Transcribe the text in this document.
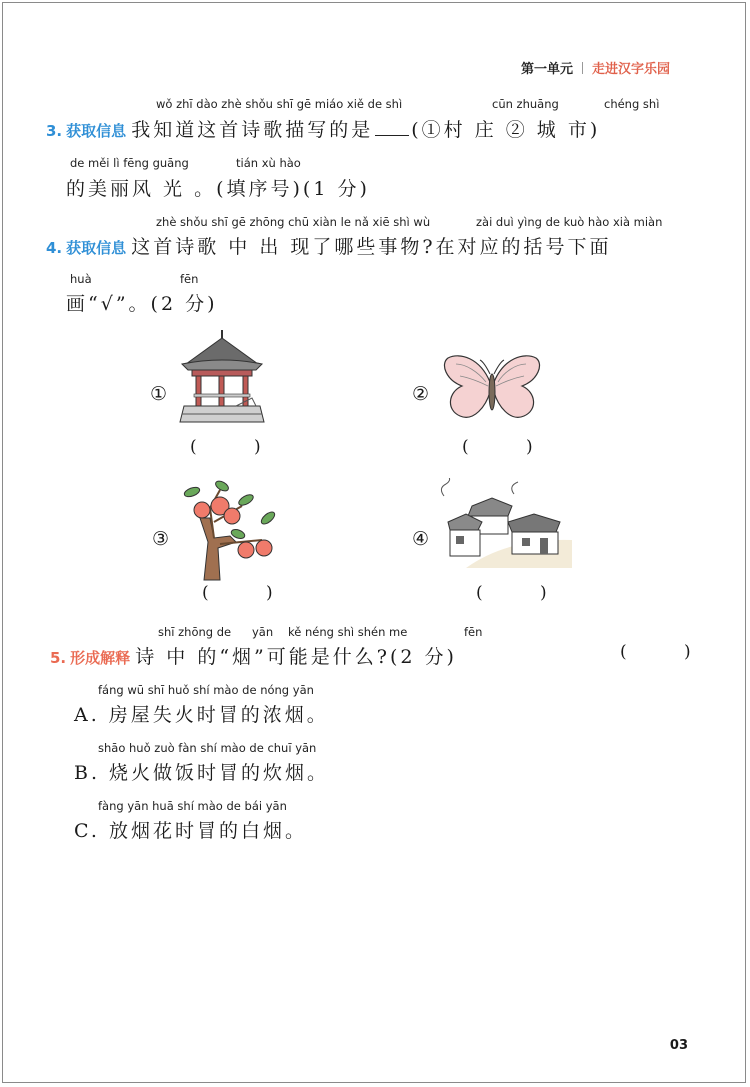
第一单元 走进汉字乐园
wǒ zhī dào zhè shǒu shī gē miáo xiě de shì	cūn zhuāng	chéng shì
3. 获取信息 我知道这首诗歌描写的是 (①村 庄 ② 城 市)
de měi lì fēng guāng	tián xù hào
的美丽风 光 。(填序号)(1 分)
zhè shǒu shī gē zhōng chū xiàn le nǎ xiē shì wù	zài duì yìng de kuò hào xià miàn
4. 获取信息 这首诗歌 中 出 现了哪些事物?在对应的括号下面
huà	fēn
画“√”。(2 分)
①
( )
②
( )
③
( )
④
( )
shī zhōng de yān kě néng shì shén me	fēn
5. 形成解释 诗 中 的“烟”可能是什么?(2 分)	( )
fáng wū shī huǒ shí mào de nóng yān
A. 房屋失火时冒的浓烟。
shāo huǒ zuò fàn shí mào de chuī yān
B. 烧火做饭时冒的炊烟。
fàng yān huā shí mào de bái yān
C. 放烟花时冒的白烟。
03
